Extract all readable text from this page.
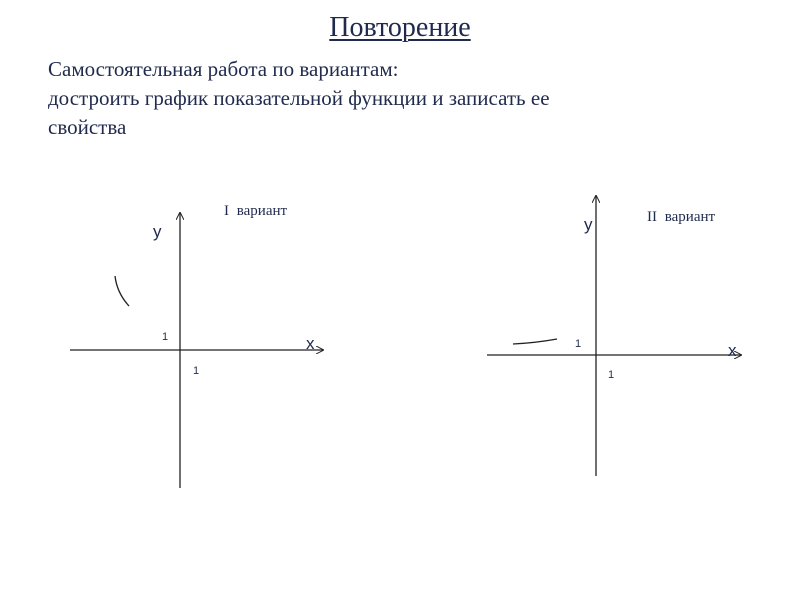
Повторение

Самостоятельная работа по вариантам:

достроить график показательной функции и записать ее

свойства

I вариант
у
х
1
1
II вариант
у
х
1
1
